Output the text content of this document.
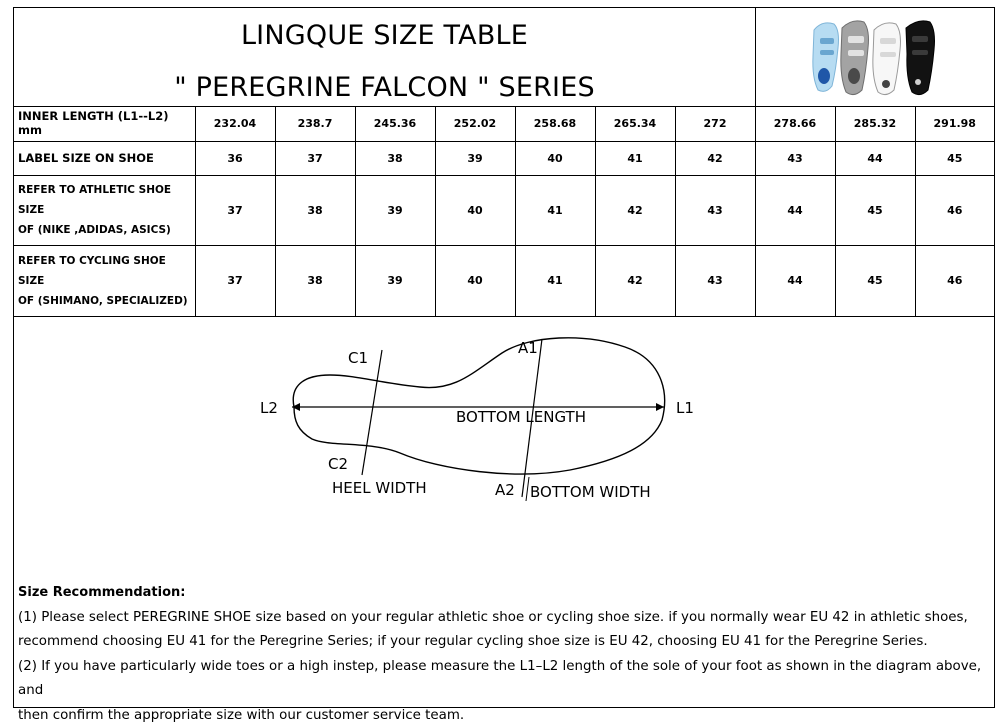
LINGQUE SIZE TABLE
" PEREGRINE FALCON " SERIES
INNER LENGTH (L1--L2) mm	232.04	238.7	245.36	252.02	258.68	265.34	272	278.66	285.32	291.98
LABEL SIZE ON SHOE	36	37	38	39	40	41	42	43	44	45
REFER TO ATHLETIC SHOE SIZE
OF (NIKE ,ADIDAS, ASICS)	37	38	39	40	41	42	43	44	45	46
REFER TO CYCLING SHOE SIZE
OF (SHIMANO, SPECIALIZED)	37	38	39	40	41	42	43	44	45	46
C1
C2
A1
A2
L2	L1
BOTTOM LENGTH
HEEL WIDTH	BOTTOM WIDTH

Size Recommendation:

(1) Please select PEREGRINE SHOE size based on your regular athletic shoe or cycling shoe size. if you normally wear EU 42 in athletic shoes,

recommend choosing EU 41 for the Peregrine Series; if your regular cycling shoe size is EU 42, choosing EU 41 for the Peregrine Series.

(2) If you have particularly wide toes or a high instep, please measure the L1–L2 length of the sole of your foot as shown in the diagram above, and

then confirm the appropriate size with our customer service team.
